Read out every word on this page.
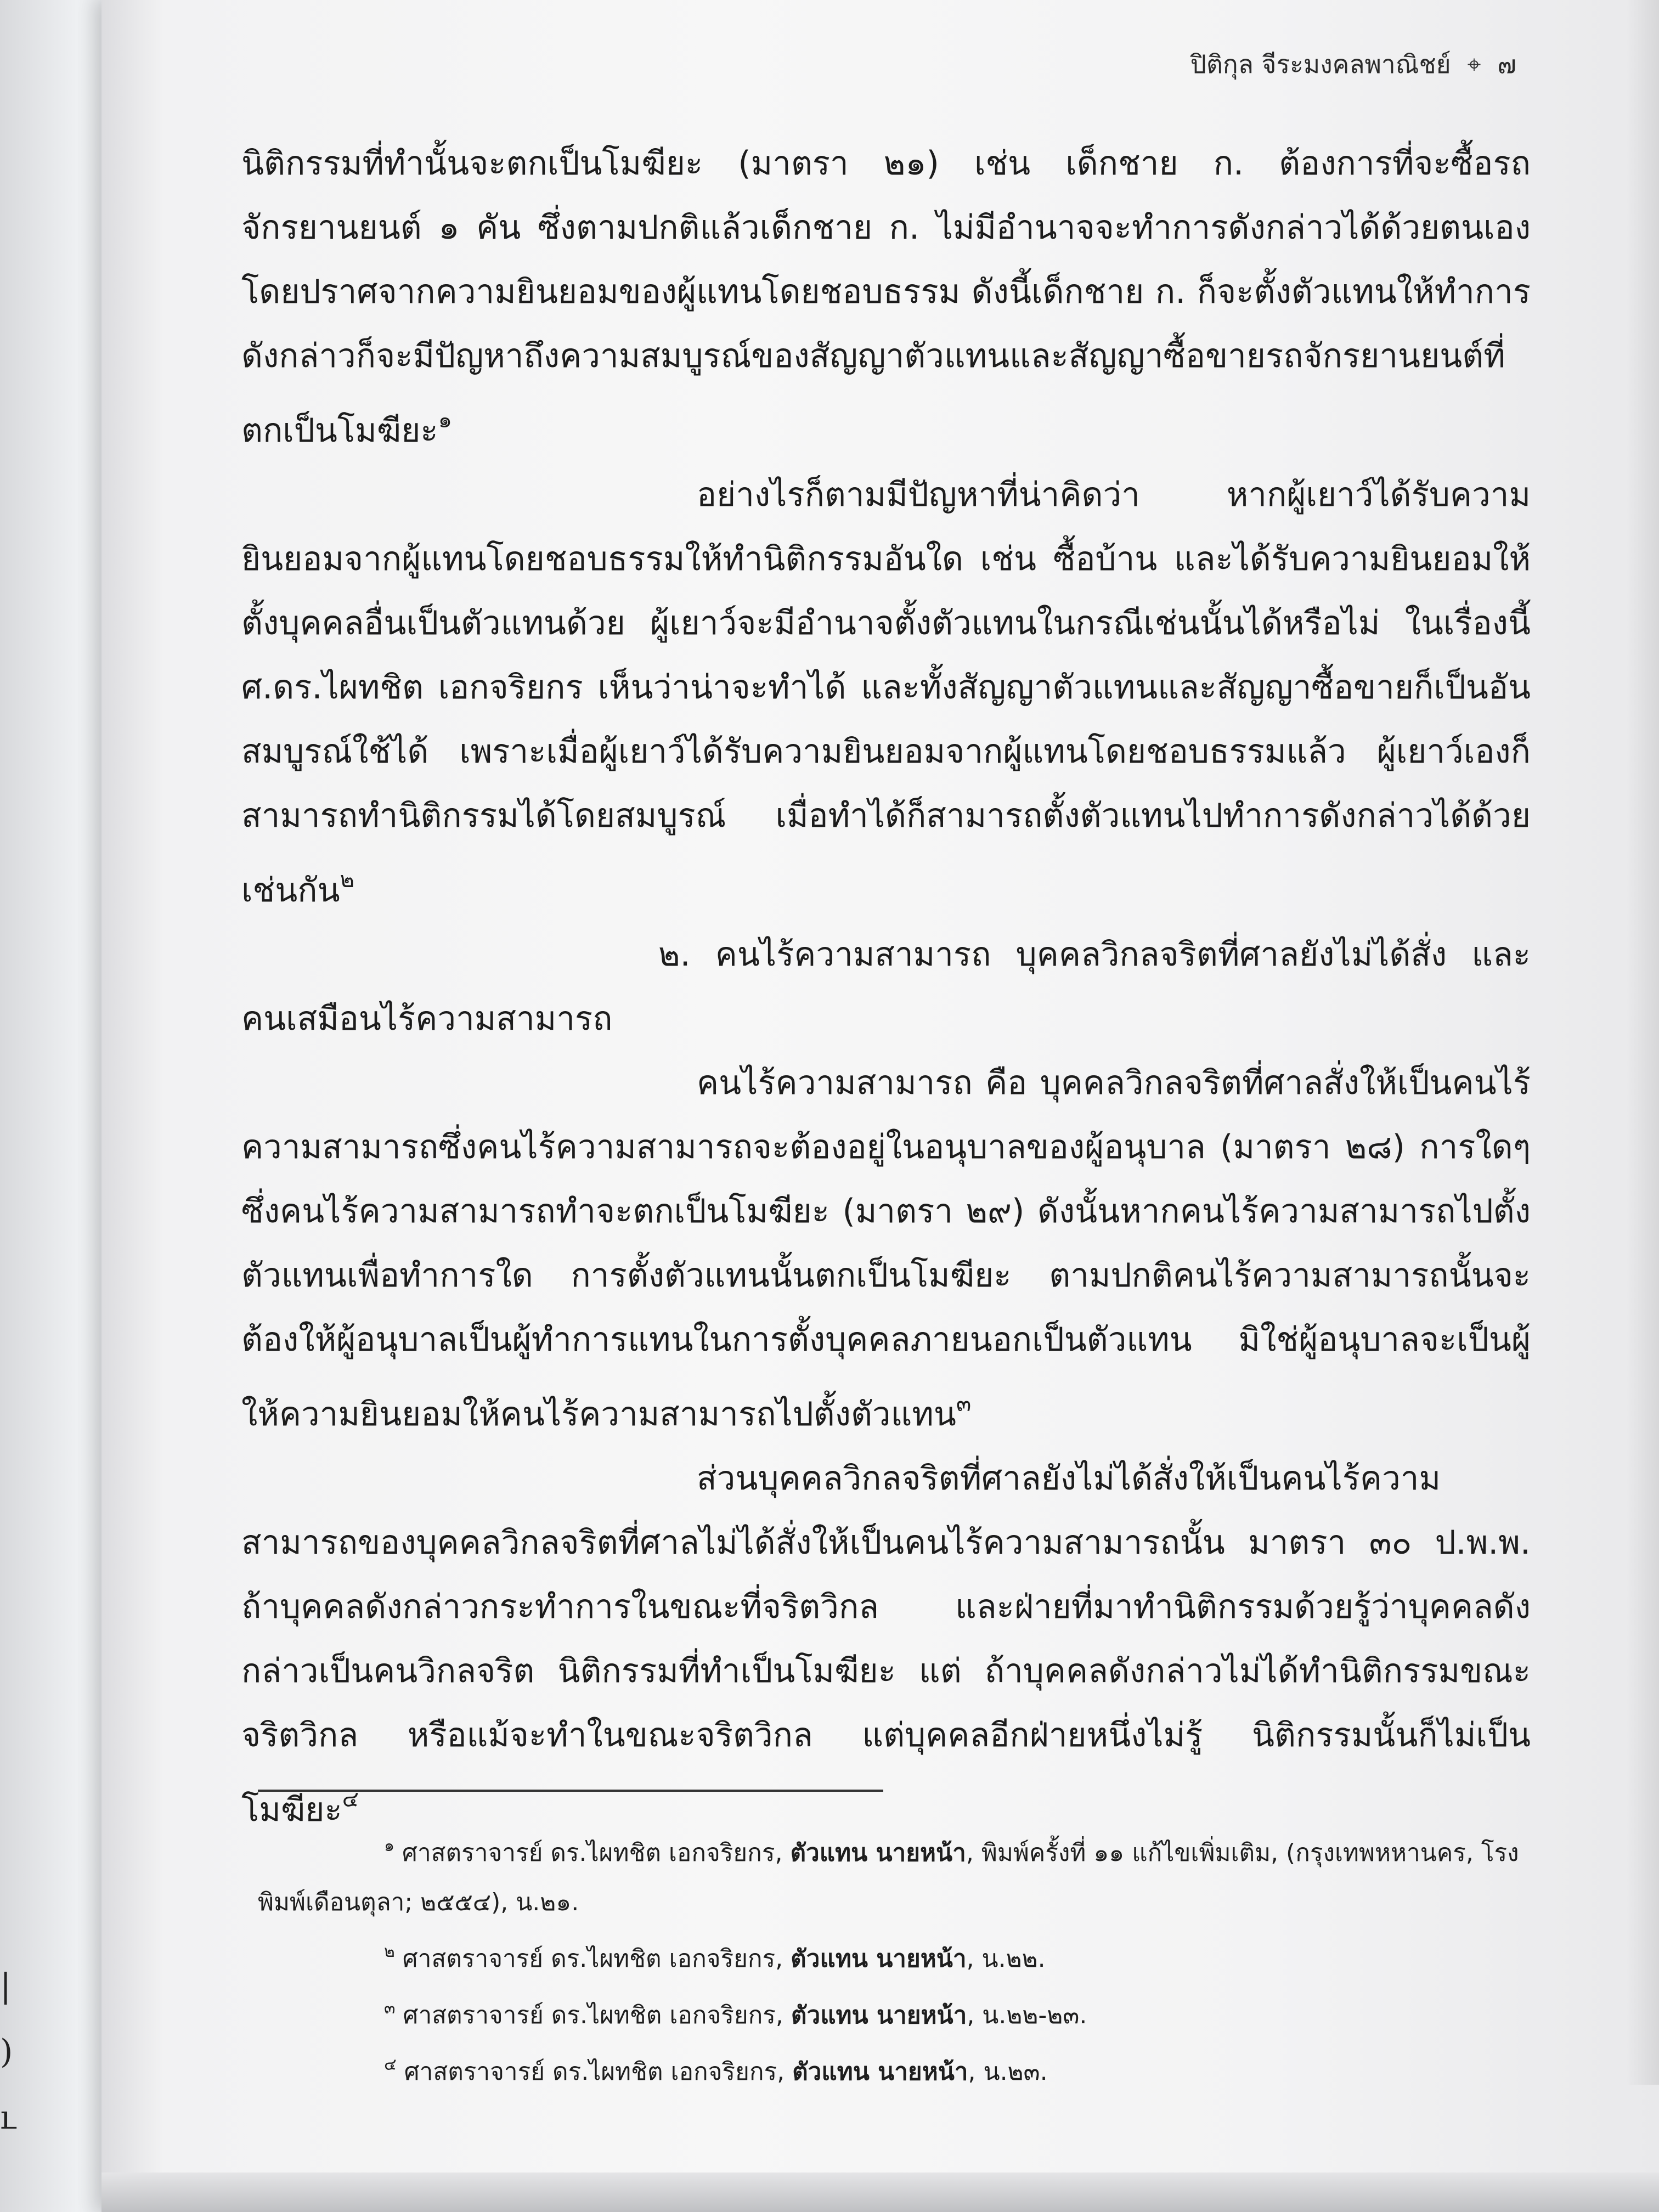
|
)
ւ
ปิติกุล จีระมงคลพาณิชย์ ⌖ ๗

นิติกรรมที่ทำนั้นจะตกเป็นโมฆียะ (มาตรา ๒๑) เช่น เด็กชาย ก. ต้องการที่จะซื้อรถจักรยานยนต์ ๑ คัน ซึ่งตามปกติแล้วเด็กชาย ก. ไม่มีอำนาจจะทำการดังกล่าวได้ด้วยตนเอง โดยปราศจากความยินยอมของผู้แทนโดยชอบธรรม ดังนี้เด็กชาย ก. ก็จะตั้งตัวแทนให้ทำการดังกล่าวก็จะมีปัญหาถึงความสมบูรณ์ของสัญญาตัวแทนและสัญญาซื้อขายรถจักรยานยนต์ที่ตกเป็นโมฆียะ$^๑$

อย่างไรก็ตามมีปัญหาที่น่าคิดว่า หากผู้เยาว์ได้รับความยินยอมจากผู้แทนโดยชอบธรรมให้ทำนิติกรรมอันใด เช่น ซื้อบ้าน และได้รับความยินยอมให้ตั้งบุคคลอื่นเป็นตัวแทนด้วย ผู้เยาว์จะมีอำนาจตั้งตัวแทนในกรณีเช่นนั้นได้หรือไม่ ในเรื่องนี้ ศ.ดร.ไผทชิต เอกจริยกร เห็นว่าน่าจะทำได้ และทั้งสัญญาตัวแทนและสัญญาซื้อขายก็เป็นอันสมบูรณ์ใช้ได้ เพราะเมื่อผู้เยาว์ได้รับความยินยอมจากผู้แทนโดยชอบธรรมแล้ว ผู้เยาว์เองก็สามารถทำนิติกรรมได้โดยสมบูรณ์ เมื่อทำได้ก็สามารถตั้งตัวแทนไปทำการดังกล่าวได้ด้วยเช่นกัน$^๒$

๒. คนไร้ความสามารถ บุคคลวิกลจริตที่ศาลยังไม่ได้สั่ง และคนเสมือนไร้ความสามารถ

คนไร้ความสามารถ คือ บุคคลวิกลจริตที่ศาลสั่งให้เป็นคนไร้ความสามารถซึ่งคนไร้ความสามารถจะต้องอยู่ในอนุบาลของผู้อนุบาล (มาตรา ๒๘) การใดๆ ซึ่งคนไร้ความสามารถทำจะตกเป็นโมฆียะ (มาตรา ๒๙) ดังนั้นหากคนไร้ความสามารถไปตั้งตัวแทนเพื่อทำการใด การตั้งตัวแทนนั้นตกเป็นโมฆียะ ตามปกติคนไร้ความสามารถนั้นจะต้องให้ผู้อนุบาลเป็นผู้ทำการแทนในการตั้งบุคคลภายนอกเป็นตัวแทน มิใช่ผู้อนุบาลจะเป็นผู้ให้ความยินยอมให้คนไร้ความสามารถไปตั้งตัวแทน$^๓$

ส่วนบุคคลวิกลจริตที่ศาลยังไม่ได้สั่งให้เป็นคนไร้ความสามารถของบุคคลวิกลจริตที่ศาลไม่ได้สั่งให้เป็นคนไร้ความสามารถนั้น มาตรา ๓๐ ป.พ.พ. ถ้าบุคคลดังกล่าวกระทำการในขณะที่จริตวิกล และฝ่ายที่มาทำนิติกรรมด้วยรู้ว่าบุคคลดังกล่าวเป็นคนวิกลจริต นิติกรรมที่ทำเป็นโมฆียะ แต่ ถ้าบุคคลดังกล่าวไม่ได้ทำนิติกรรมขณะจริตวิกล หรือแม้จะทำในขณะจริตวิกล แต่บุคคลอีกฝ่ายหนึ่งไม่รู้ นิติกรรมนั้นก็ไม่เป็นโมฆียะ$^๔$

$^๑$ ศาสตราจารย์ ดร.ไผทชิต เอกจริยกร, ตัวแทน นายหน้า, พิมพ์ครั้งที่ ๑๑ แก้ไขเพิ่มเติม, (กรุงเทพหหานคร, โรงพิมพ์เดือนตุลา; ๒๕๕๔), น.๒๑.

$^๒$ ศาสตราจารย์ ดร.ไผทชิต เอกจริยกร, ตัวแทน นายหน้า, น.๒๒.

$^๓$ ศาสตราจารย์ ดร.ไผทชิต เอกจริยกร, ตัวแทน นายหน้า, น.๒๒-๒๓.

$^๔$ ศาสตราจารย์ ดร.ไผทชิต เอกจริยกร, ตัวแทน นายหน้า, น.๒๓.
